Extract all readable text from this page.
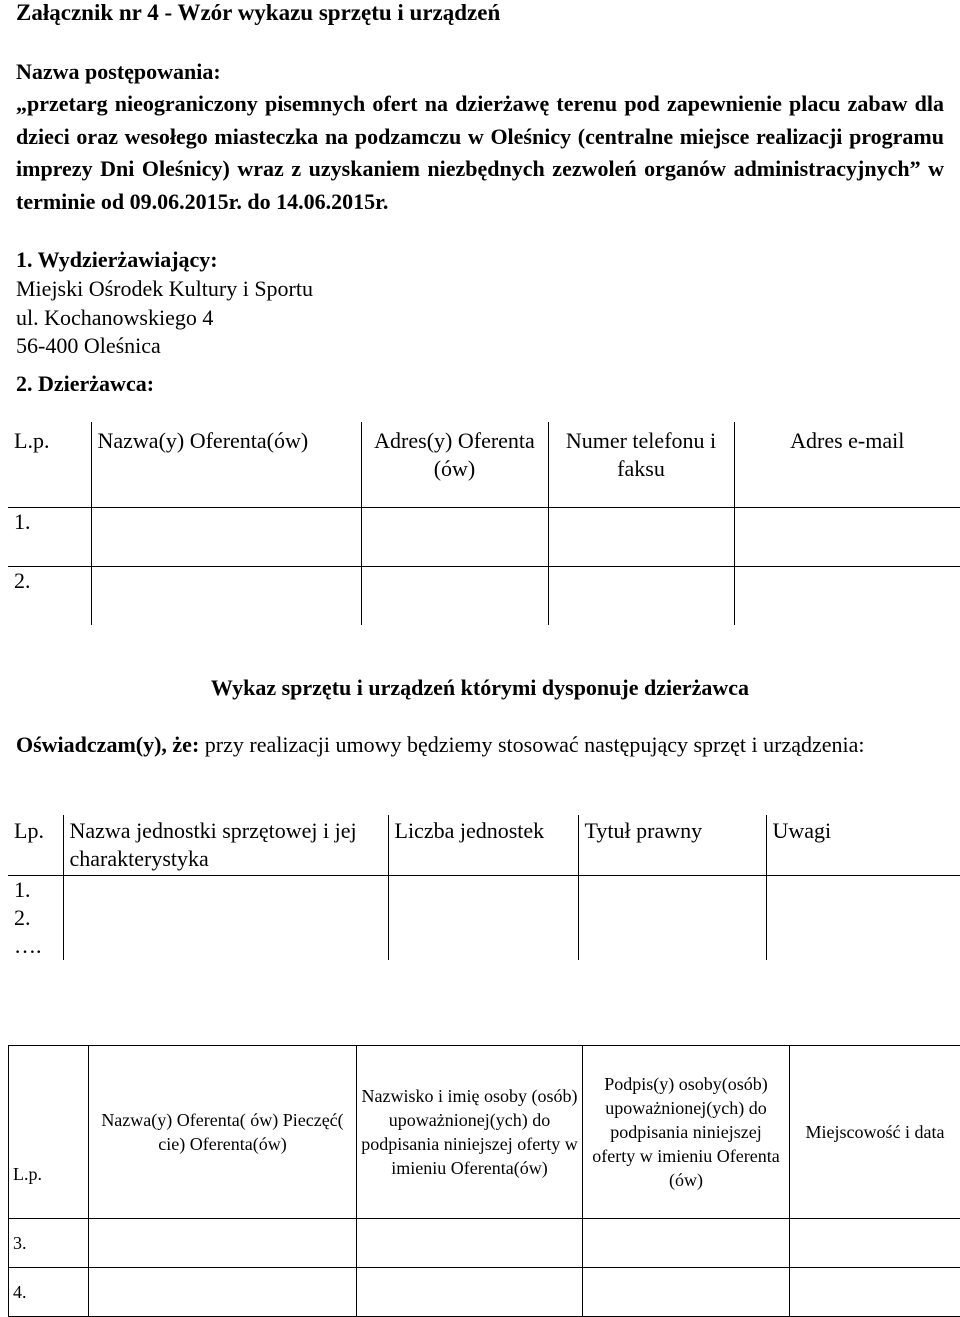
Załącznik nr 4 - Wzór wykazu sprzętu i urządzeń
Nazwa postępowania:
„przetarg nieograniczony pisemnych ofert na dzierżawę terenu pod zapewnienie placu zabaw dla dzieci oraz wesołego miasteczka na podzamczu w Oleśnicy (centralne miejsce realizacji programu imprezy Dni Oleśnicy) wraz z uzyskaniem niezbędnych zezwoleń organów administracyjnych” w terminie od 09.06.2015r. do 14.06.2015r.
1. Wydzierżawiający:
Miejski Ośrodek Kultury i Sportu
ul. Kochanowskiego 4
56-400 Oleśnica
2. Dzierżawca:
L.p.	Nazwa(y) Oferenta(ów)	Adres(y) Oferenta (ów)	Numer telefonu i faksu	Adres e-mail
1.				
2.				
Wykaz sprzętu i urządzeń którymi dysponuje dzierżawca
Oświadczam(y), że: przy realizacji umowy będziemy stosować następujący sprzęt i urządzenia:
Lp.	Nazwa jednostki sprzętowej i jej charakterystyka	Liczba jednostek	Tytuł prawny	Uwagi
1.				
2.				
….				
L.p.	Nazwa(y) Oferenta( ów) Pieczęć( cie) Oferenta(ów)	Nazwisko i imię osoby (osób) upoważnionej(ych) do podpisania niniejszej oferty w imieniu Oferenta(ów)	Podpis(y) osoby(osób) upoważnionej(ych) do podpisania niniejszej oferty w imieniu Oferenta (ów)	Miejscowość i data
3.				
4.				
